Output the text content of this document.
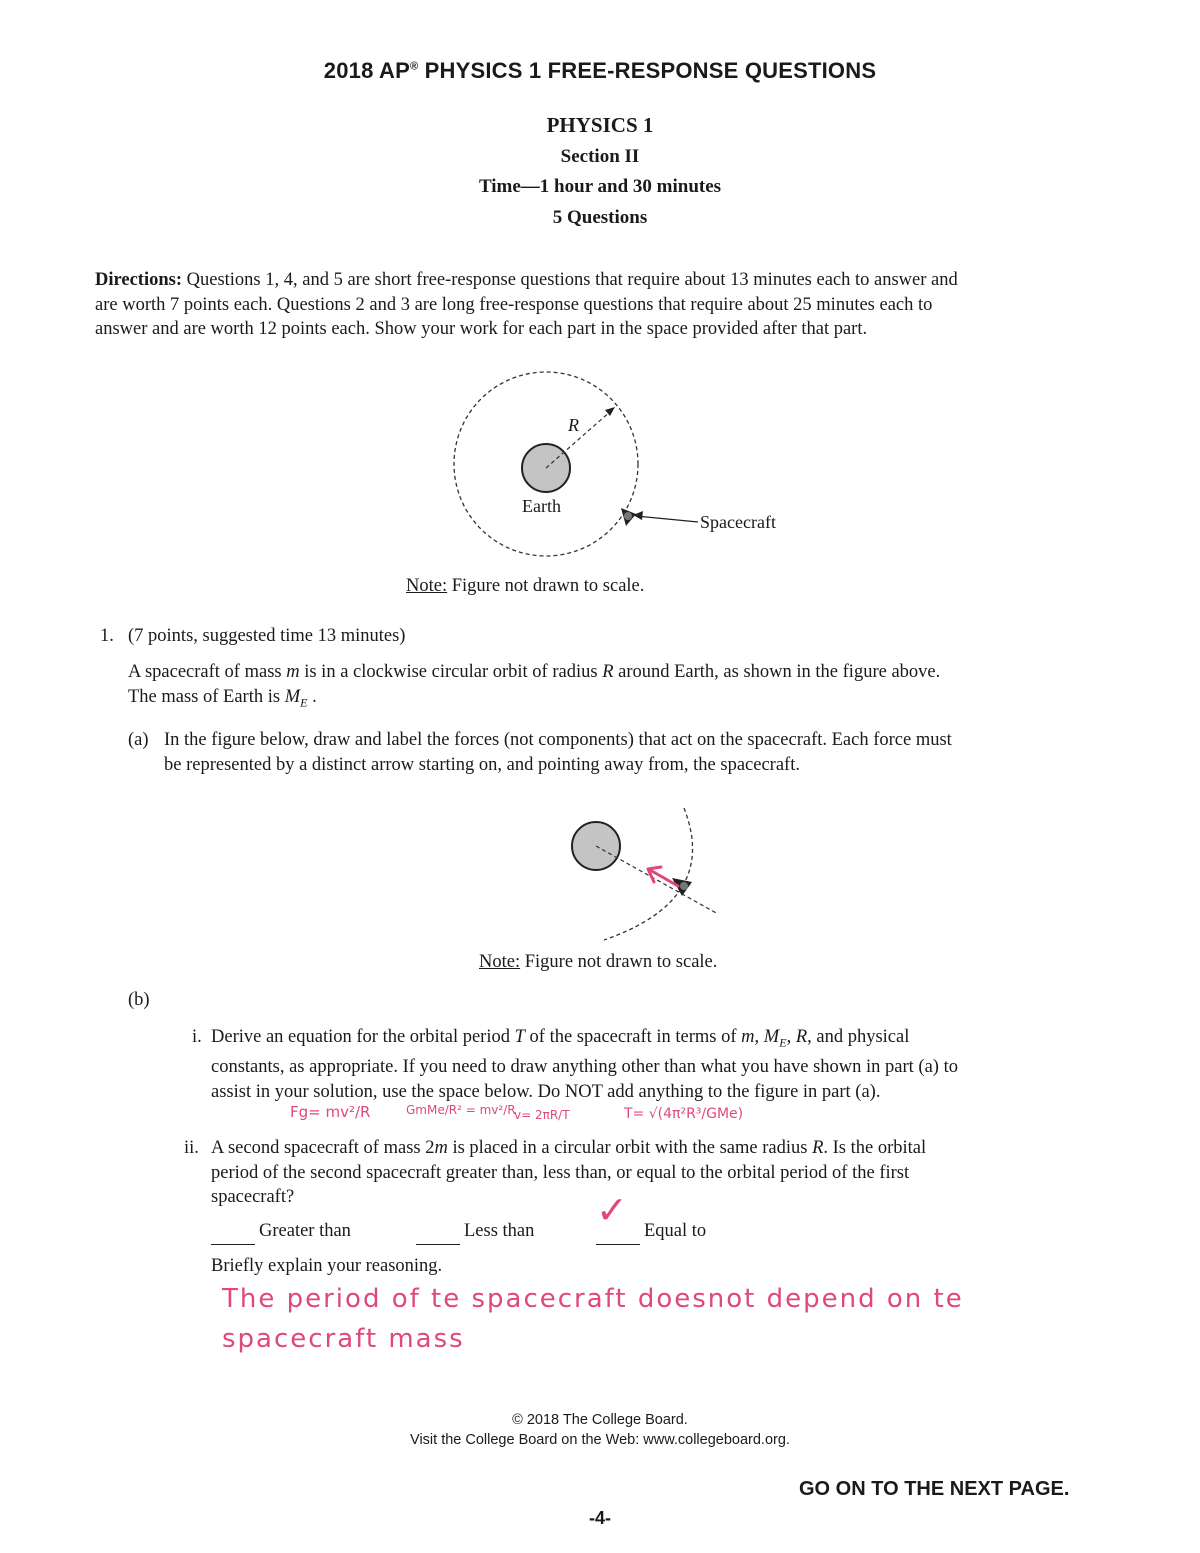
2018 AP® PHYSICS 1 FREE-RESPONSE QUESTIONS
PHYSICS 1
Section II
Time—1 hour and 30 minutes
5 Questions
Directions: Questions 1, 4, and 5 are short free-response questions that require about 13 minutes each to answer and
are worth 7 points each. Questions 2 and 3 are long free-response questions that require about 25 minutes each to
answer and are worth 12 points each. Show your work for each part in the space provided after that part.
R
Earth
Spacecraft
Note: Figure not drawn to scale.
1. (7 points, suggested time 13 minutes)
A spacecraft of mass m is in a clockwise circular orbit of radius R around Earth, as shown in the figure above.
The mass of Earth is $M_E$ .
(a) In the figure below, draw and label the forces (not components) that act on the spacecraft. Each force must
be represented by a distinct arrow starting on, and pointing away from, the spacecraft.
Note: Figure not drawn to scale.
(b)
i. Derive an equation for the orbital period T of the spacecraft in terms of m, $M_E$, R, and physical
constants, as appropriate. If you need to draw anything other than what you have shown in part (a) to
assist in your solution, use the space below. Do NOT add anything to the figure in part (a).
Fg= mv²/R	GmMe/R² = mv²/R
v= 2πR/T	T= √(4π²R³/GMe)
ii. A second spacecraft of mass 2m is placed in a circular orbit with the same radius R. Is the orbital
period of the second spacecraft greater than, less than, or equal to the orbital period of the first
spacecraft?
Greater than	Less than	Equal to
✓
Briefly explain your reasoning.
The period of te spacecraft doesnot depend on te
spacecraft mass
© 2018 The College Board.
Visit the College Board on the Web: www.collegeboard.org.
GO ON TO THE NEXT PAGE.
-4-
